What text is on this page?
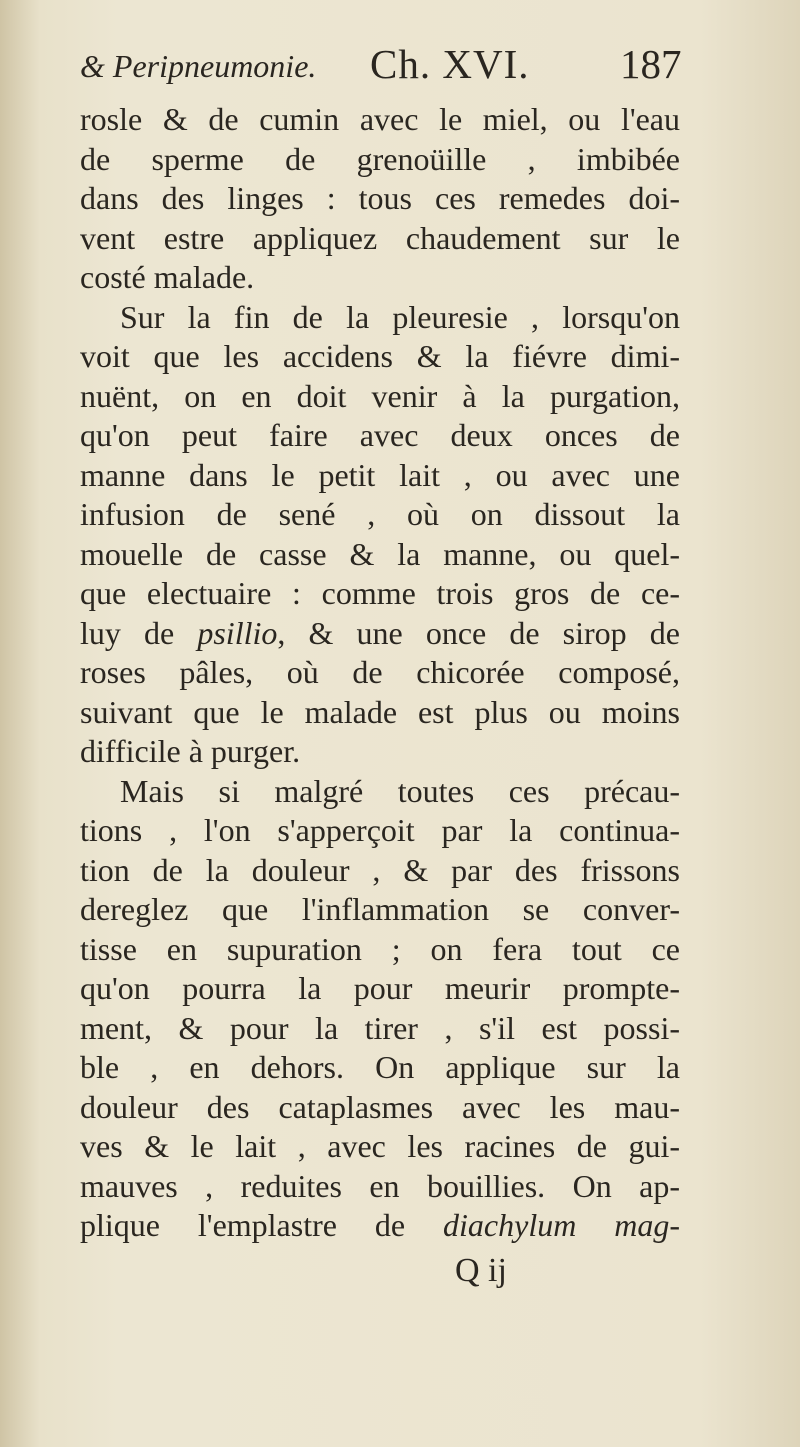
& Peripneumonie. Ch. XVI. 187
rosle & de cumin avec le miel, ou l'eau
de sperme de grenoüille , imbibée
dans des linges : tous ces remedes doi-
vent estre appliquez chaudement sur le
costé malade.
Sur la fin de la pleuresie , lorsqu'on
voit que les accidens & la fiévre dimi-
nuënt, on en doit venir à la purgation,
qu'on peut faire avec deux onces de
manne dans le petit lait , ou avec une
infusion de sené , où on dissout la
mouelle de casse & la manne, ou quel-
que electuaire : comme trois gros de ce-
luy de psillio, & une once de sirop de
roses pâles, où de chicorée composé,
suivant que le malade est plus ou moins
difficile à purger.
Mais si malgré toutes ces précau-
tions , l'on s'apperçoit par la continua-
tion de la douleur , & par des frissons
dereglez que l'inflammation se conver-
tisse en supuration ; on fera tout ce
qu'on pourra la pour meurir prompte-
ment, & pour la tirer , s'il est possi-
ble , en dehors. On applique sur la
douleur des cataplasmes avec les mau-
ves & le lait , avec les racines de gui-
mauves , reduites en bouillies. On ap-
plique l'emplastre de diachylum mag-
Q ij
